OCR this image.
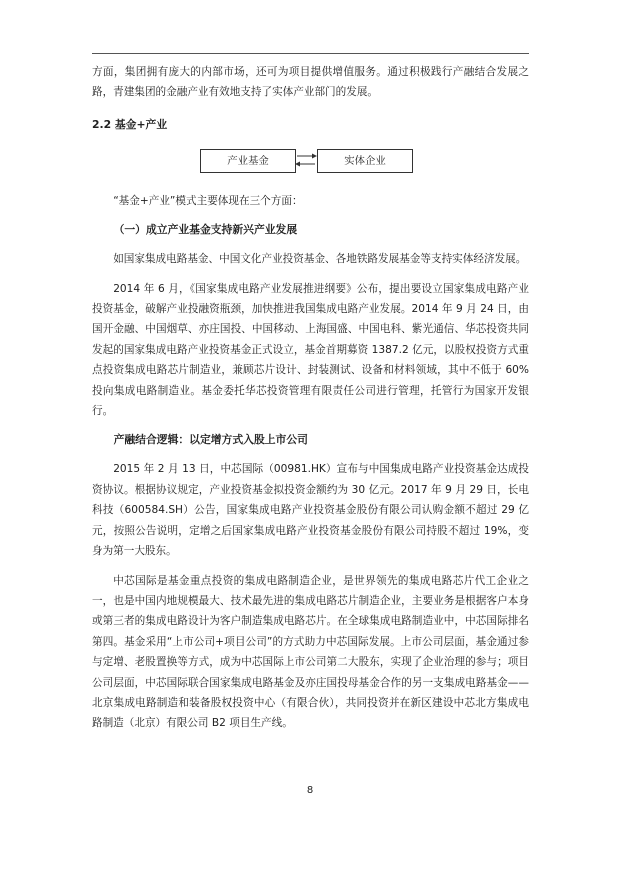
方面，集团拥有庞大的内部市场，还可为项目提供增值服务。通过积极践行产融结合发展之路，青建集团的金融产业有效地支持了实体产业部门的发展。

2.2 基金+产业

产业基金	实体企业

“基金+产业”模式主要体现在三个方面：

（一）成立产业基金支持新兴产业发展

如国家集成电路基金、中国文化产业投资基金、各地铁路发展基金等支持实体经济发展。

2014 年 6 月，《国家集成电路产业发展推进纲要》公布，提出要设立国家集成电路产业投资基金，破解产业投融资瓶颈，加快推进我国集成电路产业发展。2014 年 9 月 24 日，由国开金融、中国烟草、亦庄国投、中国移动、上海国盛、中国电科、紫光通信、华芯投资共同发起的国家集成电路产业投资基金正式设立，基金首期募资 1387.2 亿元，以股权投资方式重点投资集成电路芯片制造业，兼顾芯片设计、封装测试、设备和材料领域，其中不低于 60%投向集成电路制造业。基金委托华芯投资管理有限责任公司进行管理，托管行为国家开发银行。

产融结合逻辑：以定增方式入股上市公司

2015 年 2 月 13 日，中芯国际（00981.HK）宣布与中国集成电路产业投资基金达成投资协议。根据协议规定，产业投资基金拟投资金额约为 30 亿元。2017 年 9 月 29 日，长电科技（600584.SH）公告，国家集成电路产业投资基金股份有限公司认购金额不超过 29 亿元，按照公告说明，定增之后国家集成电路产业投资基金股份有限公司持股不超过 19%，变身为第一大股东。

中芯国际是基金重点投资的集成电路制造企业，是世界领先的集成电路芯片代工企业之一，也是中国内地规模最大、技术最先进的集成电路芯片制造企业，主要业务是根据客户本身或第三者的集成电路设计为客户制造集成电路芯片。在全球集成电路制造业中，中芯国际排名第四。基金采用“上市公司+项目公司”的方式助力中芯国际发展。上市公司层面，基金通过参与定增、老股置换等方式，成为中芯国际上市公司第二大股东，实现了企业治理的参与；项目公司层面，中芯国际联合国家集成电路基金及亦庄国投母基金合作的另一支集成电路基金——北京集成电路制造和装备股权投资中心（有限合伙），共同投资并在新区建设中芯北方集成电路制造（北京）有限公司 B2 项目生产线。

8
